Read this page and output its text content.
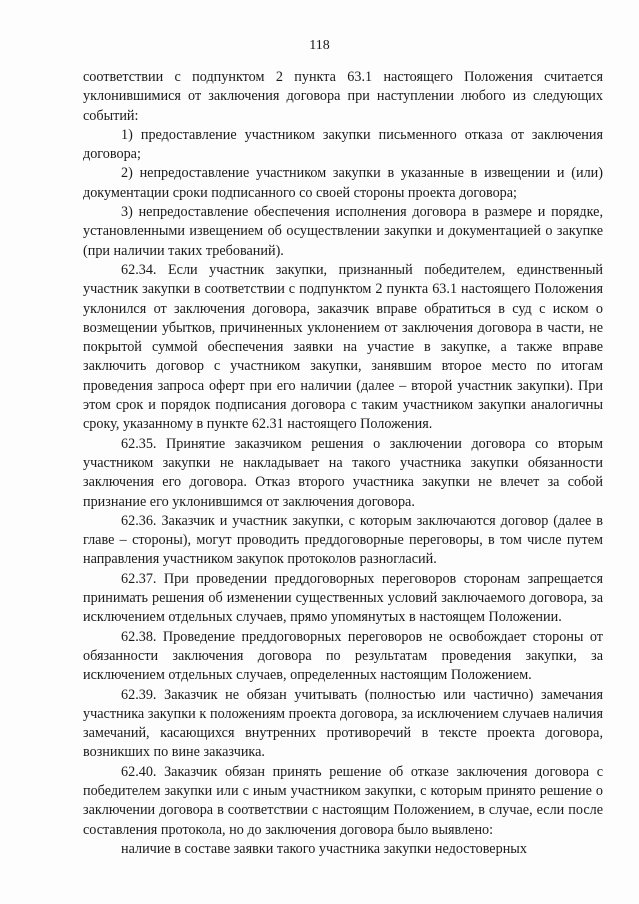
118

соответствии с подпунктом 2 пункта 63.1 настоящего Положения считается уклонившимися от заключения договора при наступлении любого из следующих событий:

1) предоставление участником закупки письменного отказа от заключения договора;

2) непредоставление участником закупки в указанные в извещении и (или) документации сроки подписанного со своей стороны проекта договора;

3) непредоставление обеспечения исполнения договора в размере и порядке, установленными извещением об осуществлении закупки и документацией о закупке (при наличии таких требований).

62.34. Если участник закупки, признанный победителем, единственный участник закупки в соответствии с подпунктом 2 пункта 63.1 настоящего Положения уклонился от заключения договора, заказчик вправе обратиться в суд с иском о возмещении убытков, причиненных уклонением от заключения договора в части, не покрытой суммой обеспечения заявки на участие в закупке, а также вправе заключить договор с участником закупки, занявшим второе место по итогам проведения запроса оферт при его наличии (далее – второй участник закупки). При этом срок и порядок подписания договора с таким участником закупки аналогичны сроку, указанному в пункте 62.31 настоящего Положения.

62.35. Принятие заказчиком решения о заключении договора со вторым участником закупки не накладывает на такого участника закупки обязанности заключения его договора. Отказ второго участника закупки не влечет за собой признание его уклонившимся от заключения договора.

62.36. Заказчик и участник закупки, с которым заключаются договор (далее в главе – стороны), могут проводить преддоговорные переговоры, в том числе путем направления участником закупок протоколов разногласий.

62.37. При проведении преддоговорных переговоров сторонам запрещается принимать решения об изменении существенных условий заключаемого договора, за исключением отдельных случаев, прямо упомянутых в настоящем Положении.

62.38. Проведение преддоговорных переговоров не освобождает стороны от обязанности заключения договора по результатам проведения закупки, за исключением отдельных случаев, определенных настоящим Положением.

62.39. Заказчик не обязан учитывать (полностью или частично) замечания участника закупки к положениям проекта договора, за исключением случаев наличия замечаний, касающихся внутренних противоречий в тексте проекта договора, возникших по вине заказчика.

62.40. Заказчик обязан принять решение об отказе заключения договора с победителем закупки или с иным участником закупки, с которым принято решение о заключении договора в соответствии с настоящим Положением, в случае, если после составления протокола, но до заключения договора было выявлено:

наличие в составе заявки такого участника закупки недостоверных
